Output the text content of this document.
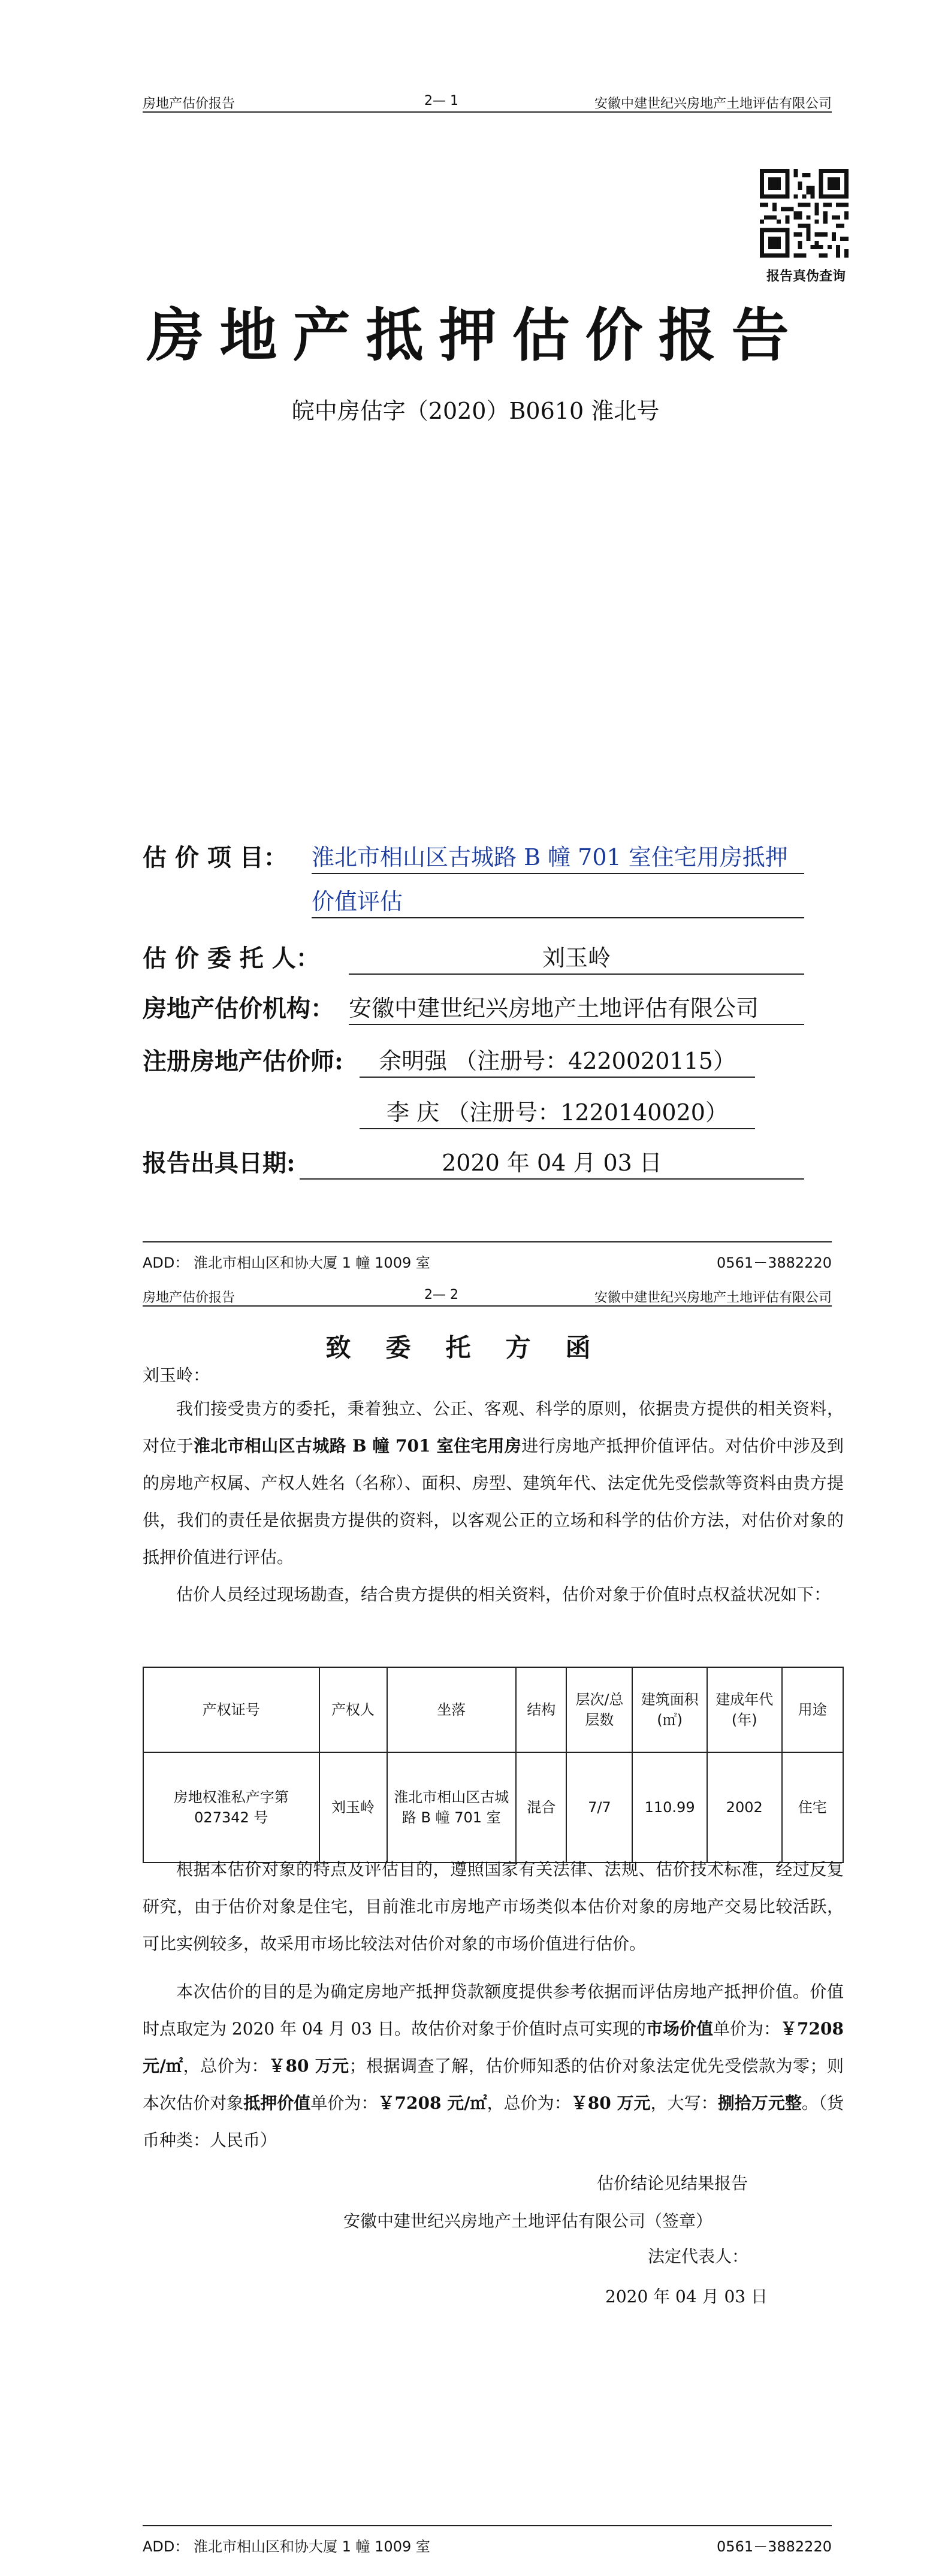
房地产估价报告	2— 1	安徽中建世纪兴房地产土地评估有限公司
报告真伪查询
房地产抵押估价报告
皖中房估字（2020）B0610 淮北号
估 价 项 目： 淮北市相山区古城路 B 幢 701 室住宅用房抵押
价值评估
估 价 委 托 人：	刘玉岭
房地产估价机构： 安徽中建世纪兴房地产土地评估有限公司
注册房地产估价师:	余明强 （注册号：4220020115）
李 庆 （注册号：1220140020）
报告出具日期:	2020 年 04 月 03 日
ADD： 淮北市相山区和协大厦 1 幢 1009 室	0561－3882220
房地产估价报告	2— 2	安徽中建世纪兴房地产土地评估有限公司
致委托方函

刘玉岭：

我们接受贵方的委托，秉着独立、公正、客观、科学的原则，依据贵方提供的相关资料，对位于淮北市相山区古城路 B 幢 701 室住宅用房进行房地产抵押价值评估。对估价中涉及到的房地产权属、产权人姓名（名称）、面积、房型、建筑年代、法定优先受偿款等资料由贵方提供，我们的责任是依据贵方提供的资料，以客观公正的立场和科学的估价方法，对估价对象的抵押价值进行评估。

估价人员经过现场勘查，结合贵方提供的相关资料，估价对象于价值时点权益状况如下：

产权证号	产权人	坐落	结构	层次/总层数	建筑面积(㎡)	建成年代(年)	用途
房地权淮私产字第 027342 号	刘玉岭	淮北市相山区古城路 B 幢 701 室	混合	7/7	110.99	2002	住宅

根据本估价对象的特点及评估目的，遵照国家有关法律、法规、估价技术标准，经过反复研究，由于估价对象是住宅，目前淮北市房地产市场类似本估价对象的房地产交易比较活跃，可比实例较多，故采用市场比较法对估价对象的市场价值进行估价。

本次估价的目的是为确定房地产抵押贷款额度提供参考依据而评估房地产抵押价值。价值时点取定为 2020 年 04 月 03 日。故估价对象于价值时点可实现的市场价值单价为：￥7208 元/㎡，总价为：￥80 万元；根据调查了解，估价师知悉的估价对象法定优先受偿款为零；则本次估价对象抵押价值单价为：￥7208 元/㎡，总价为：￥80 万元，大写：捌拾万元整。（货币种类：人民币）

估价结论见结果报告
安徽中建世纪兴房地产土地评估有限公司（签章）
法定代表人：
2020 年 04 月 03 日
ADD： 淮北市相山区和协大厦 1 幢 1009 室	0561－3882220
